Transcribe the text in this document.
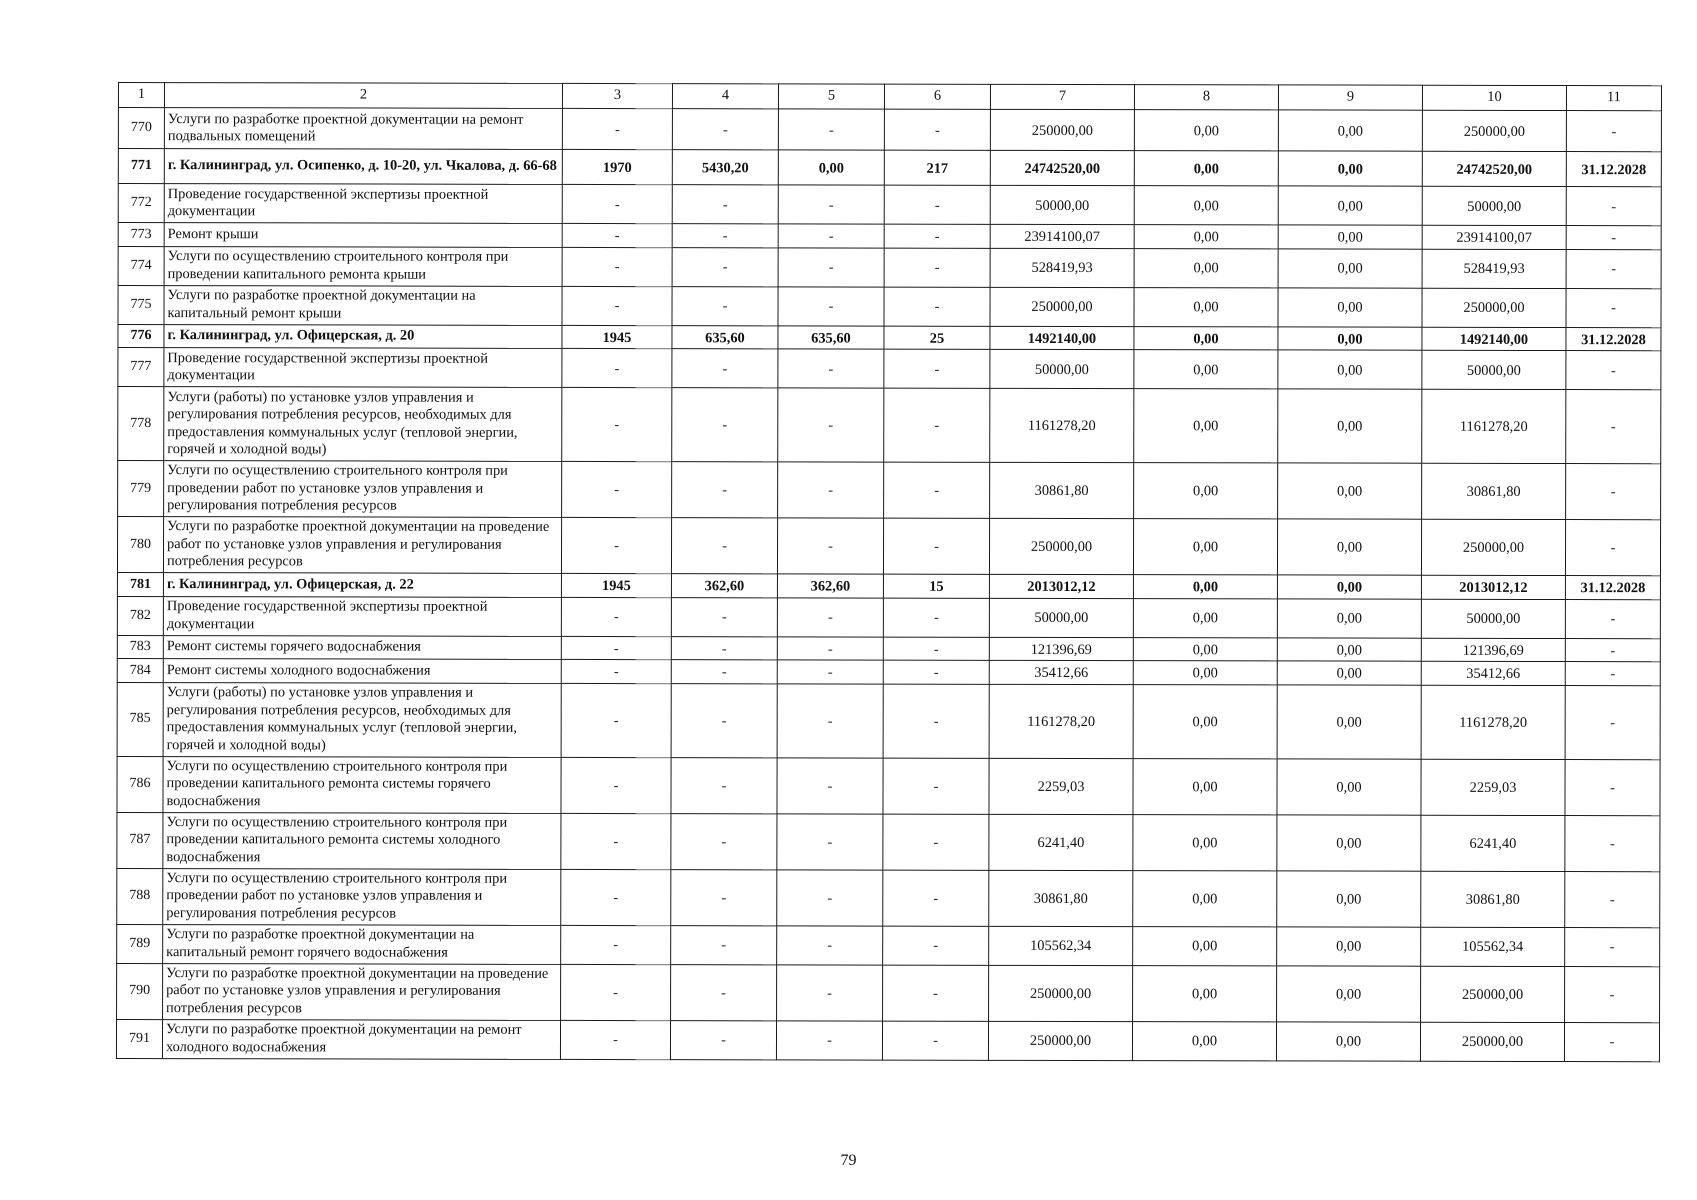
1	2	3	4	5	6	7	8	9	10	11
770	Услуги по разработке проектной документации на ремонт подвальных помещений	-	-	-	-	250000,00	0,00	0,00	250000,00	-
771	г. Калининград, ул. Осипенко, д. 10-20, ул. Чкалова, д. 66-68	1970	5430,20	0,00	217	24742520,00	0,00	0,00	24742520,00	31.12.2028
772	Проведение государственной экспертизы проектной документации	-	-	-	-	50000,00	0,00	0,00	50000,00	-
773	Ремонт крыши	-	-	-	-	23914100,07	0,00	0,00	23914100,07	-
774	Услуги по осуществлению строительного контроля при проведении капитального ремонта крыши	-	-	-	-	528419,93	0,00	0,00	528419,93	-
775	Услуги по разработке проектной документации на капитальный ремонт крыши	-	-	-	-	250000,00	0,00	0,00	250000,00	-
776	г. Калининград, ул. Офицерская, д. 20	1945	635,60	635,60	25	1492140,00	0,00	0,00	1492140,00	31.12.2028
777	Проведение государственной экспертизы проектной документации	-	-	-	-	50000,00	0,00	0,00	50000,00	-
778	Услуги (работы) по установке узлов управления и регулирования потребления ресурсов, необходимых для предоставления коммунальных услуг (тепловой энергии, горячей и холодной воды)	-	-	-	-	1161278,20	0,00	0,00	1161278,20	-
779	Услуги по осуществлению строительного контроля при проведении работ по установке узлов управления и регулирования потребления ресурсов	-	-	-	-	30861,80	0,00	0,00	30861,80	-
780	Услуги по разработке проектной документации на проведение работ по установке узлов управления и регулирования потребления ресурсов	-	-	-	-	250000,00	0,00	0,00	250000,00	-
781	г. Калининград, ул. Офицерская, д. 22	1945	362,60	362,60	15	2013012,12	0,00	0,00	2013012,12	31.12.2028
782	Проведение государственной экспертизы проектной документации	-	-	-	-	50000,00	0,00	0,00	50000,00	-
783	Ремонт системы горячего водоснабжения	-	-	-	-	121396,69	0,00	0,00	121396,69	-
784	Ремонт системы холодного водоснабжения	-	-	-	-	35412,66	0,00	0,00	35412,66	-
785	Услуги (работы) по установке узлов управления и регулирования потребления ресурсов, необходимых для предоставления коммунальных услуг (тепловой энергии, горячей и холодной воды)	-	-	-	-	1161278,20	0,00	0,00	1161278,20	-
786	Услуги по осуществлению строительного контроля при проведении капитального ремонта системы горячего водоснабжения	-	-	-	-	2259,03	0,00	0,00	2259,03	-
787	Услуги по осуществлению строительного контроля при проведении капитального ремонта системы холодного водоснабжения	-	-	-	-	6241,40	0,00	0,00	6241,40	-
788	Услуги по осуществлению строительного контроля при проведении работ по установке узлов управления и регулирования потребления ресурсов	-	-	-	-	30861,80	0,00	0,00	30861,80	-
789	Услуги по разработке проектной документации на капитальный ремонт горячего водоснабжения	-	-	-	-	105562,34	0,00	0,00	105562,34	-
790	Услуги по разработке проектной документации на проведение работ по установке узлов управления и регулирования потребления ресурсов	-	-	-	-	250000,00	0,00	0,00	250000,00	-
791	Услуги по разработке проектной документации на ремонт холодного водоснабжения	-	-	-	-	250000,00	0,00	0,00	250000,00	-
79
